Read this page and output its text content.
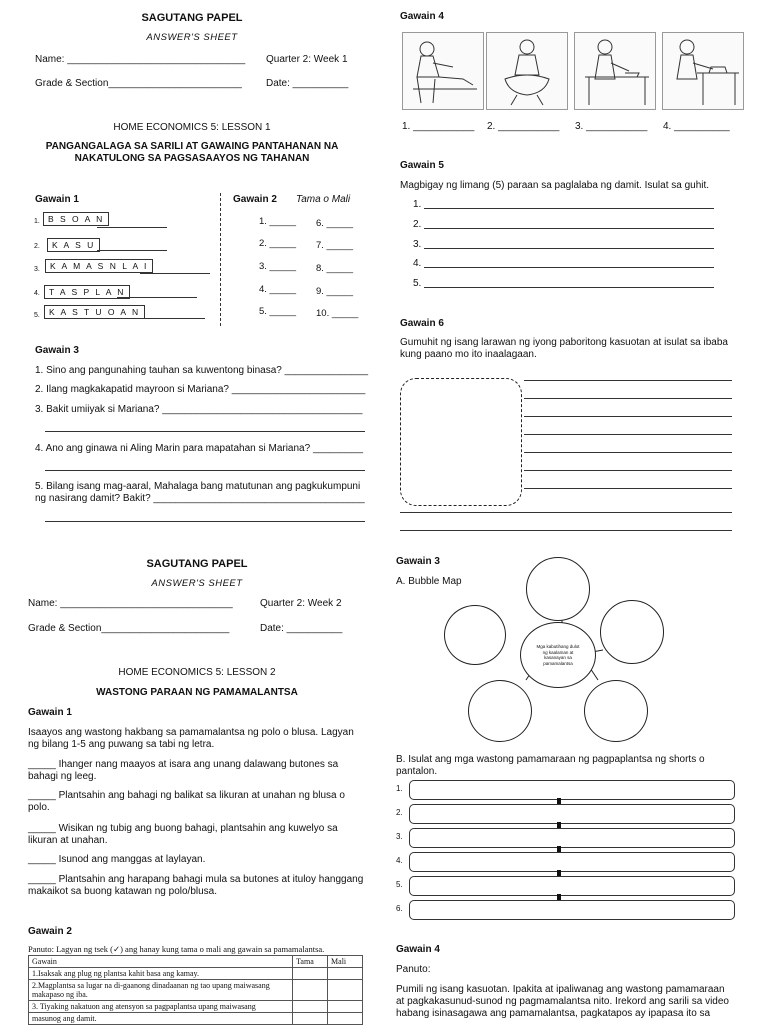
SAGUTANG PAPEL
ANSWER'S SHEET
Name: ________________________________ Quarter 2: Week 1
Grade & Section________________________ Date: __________
HOME ECONOMICS 5: LESSON 1
PANGANGALAGA SA SARILI AT GAWAING PANTAHANAN NA
NAKATULONG SA PAGSASAAYOS NG TAHANAN
Gawain 1
1. B S O A N
2.	K A S U
3.	K A M A S N L A I
4.	T A S P L A N
5.	K A S T U O A N
Gawain 2 Tama o Mali
1. _____
2. _____
3. _____
4. _____
5. _____
6. _____
7. _____
8. _____
9. _____
10. _____
Gawain 3
1. Sino ang pangunahing tauhan sa kuwentong binasa? _______________
2. Ilang magkakapatid mayroon si Mariana? ________________________
3. Bakit umiiyak si Mariana? ____________________________________
4. Ano ang ginawa ni Aling Marin para mapatahan si Mariana? _________
5. Bilang isang mag-aaral, Mahalaga bang matutunan ang pagkukumpuni
ng nasirang damit? Bakit? ______________________________________
SAGUTANG PAPEL
ANSWER'S SHEET
Name: _______________________________	Quarter 2: Week 2
Grade & Section_______________________	Date: __________
HOME ECONOMICS 5: LESSON 2
WASTONG PARAAN NG PAMAMALANTSA
Gawain 1
Isaayos ang wastong hakbang sa pamamalantsa ng polo o blusa. Lagyan
ng bilang 1-5 ang puwang sa tabi ng letra.
_____ Ihanger nang maayos at isara ang unang dalawang butones sa
bahagi ng leeg.
_____ Plantsahin ang bahagi ng balikat sa likuran at unahan ng blusa o
polo.
_____ Wisikan ng tubig ang buong bahagi, plantsahin ang kuwelyo sa
likuran at unahan.
_____ Isunod ang manggas at laylayan.
_____ Plantsahin ang harapang bahagi mula sa butones at ituloy hanggang
makaikot sa buong katawan ng polo/blusa.
Gawain 2
Panuto: Lagyan ng tsek (✓) ang hanay kung tama o mali ang gawain sa pamamalantsa.
Gawain	Tama	Mali
1.Isaksak ang plug ng plantsa kahit basa ang kamay.		
2.Magplantsa sa lugar na di-gaanong dinadaanan ng tao upang maiwasang makapaso ng iba.		
3. Tiyaking nakatuon ang atensyon sa pagpaplantsa upang maiwasang		
masunog ang damit.		
Gawain 4
1. ___________ 2. ___________ 3. ___________ 4. __________
Gawain 5
Magbigay ng limang (5) paraan sa paglalaba ng damit. Isulat sa guhit.
1.
2.
3.
4.
5.
Gawain 6
Gumuhit ng isang larawan ng iyong paboritong kasuotan at isulat sa ibaba
kung paano mo ito inaalagaan.
Gawain 3
A. Bubble Map
Mga kabutihang dulot ng kaalaman at kasanayan sa pamamalantsa
B. Isulat ang mga wastong pamamaraan ng pagpaplantsa ng shorts o
pantalon.
1.
2.
3.
4.
5.
6.
Gawain 4
Panuto:
Pumili ng isang kasuotan. Ipakita at ipaliwanag ang wastong pamamaraan
at pagkakasunud-sunod ng pagmamalantsa nito. Irekord ang sarili sa video
habang isinasagawa ang pamamalantsa, pagkatapos ay ipapasa ito sa
